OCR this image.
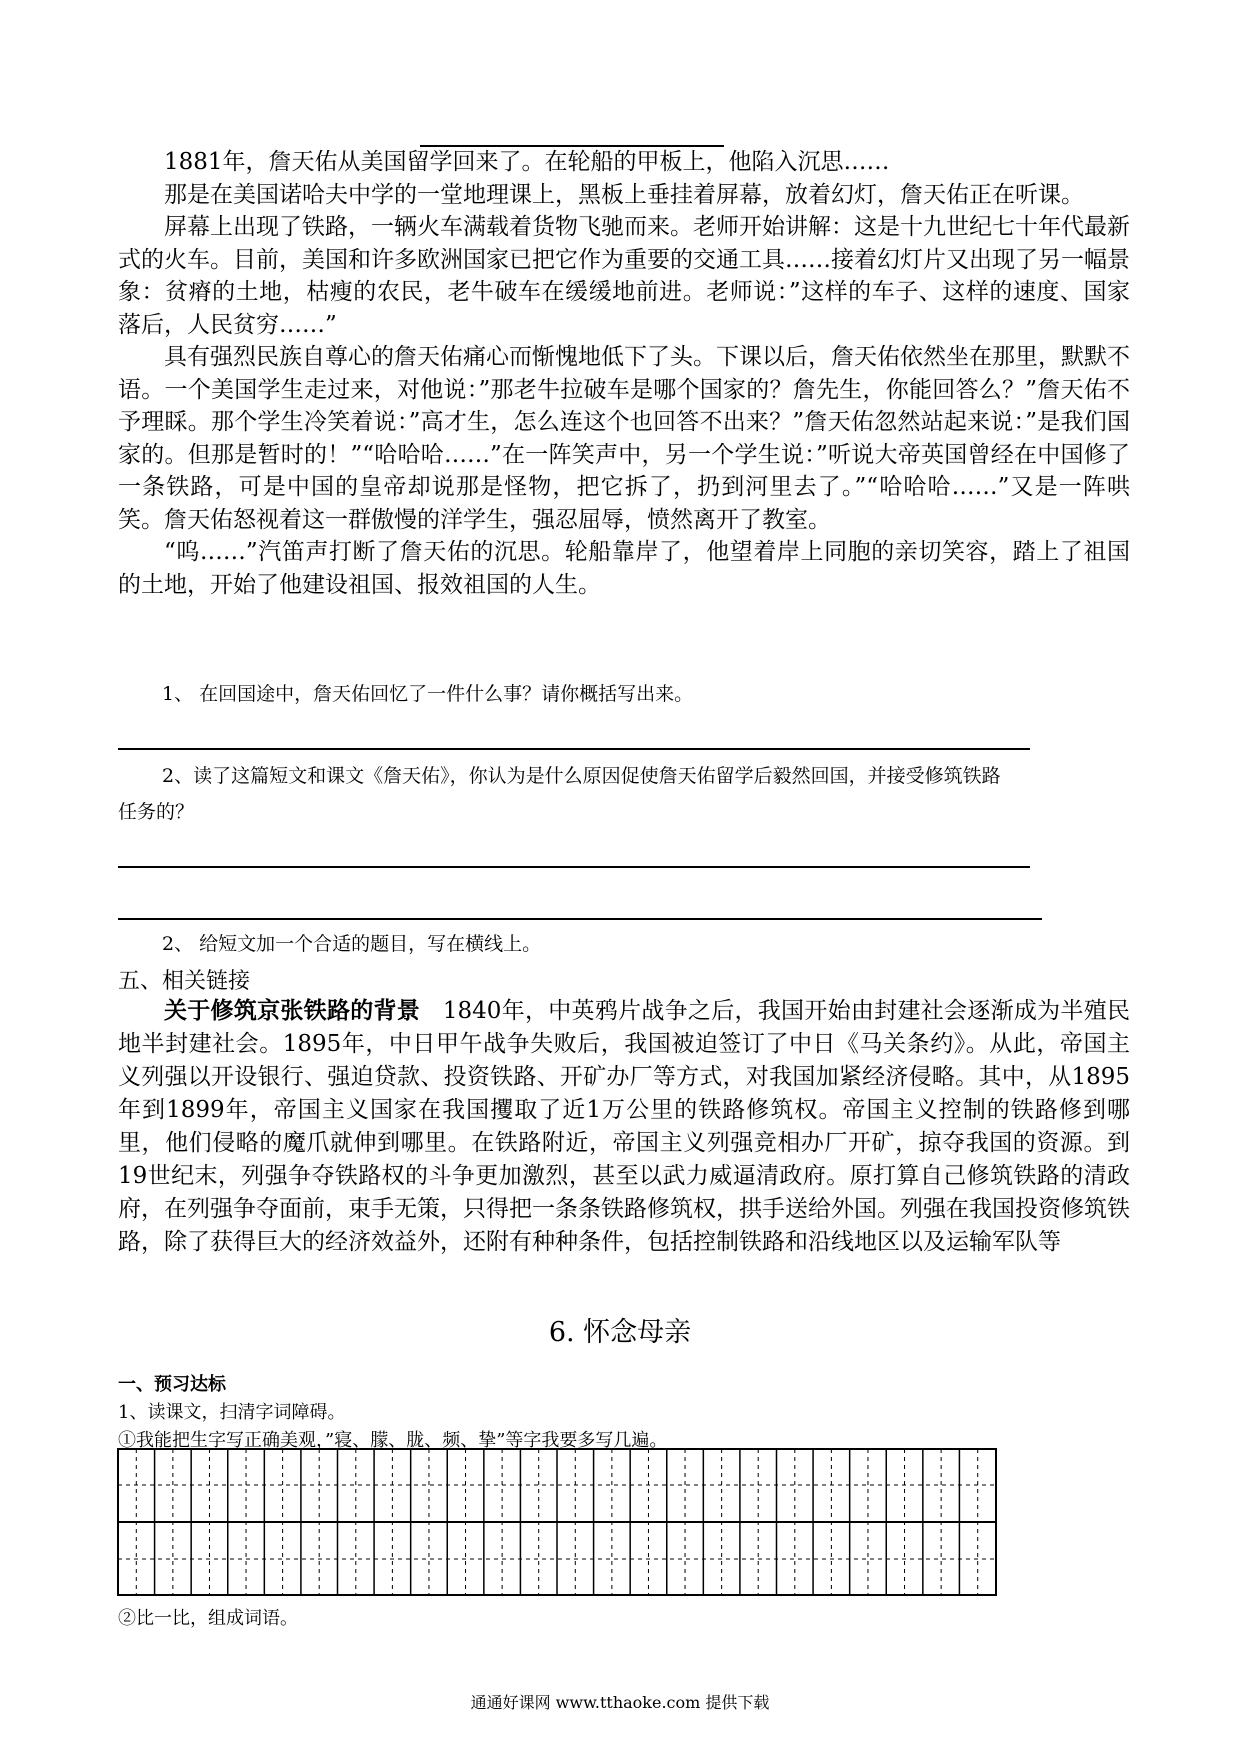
1881年，詹天佑从美国留学回来了。在轮船的甲板上，他陷入沉思……

那是在美国诺哈夫中学的一堂地理课上，黑板上垂挂着屏幕，放着幻灯，詹天佑正在听课。

屏幕上出现了铁路，一辆火车满载着货物飞驰而来。老师开始讲解：这是十九世纪七十年代最新式的火车。目前，美国和许多欧洲国家已把它作为重要的交通工具……接着幻灯片又出现了另一幅景象：贫瘠的土地，枯瘦的农民，老牛破车在缓缓地前进。老师说：”这样的车子、这样的速度、国家落后，人民贫穷……”

具有强烈民族自尊心的詹天佑痛心而惭愧地低下了头。下课以后，詹天佑依然坐在那里，默默不语。一个美国学生走过来，对他说：”那老牛拉破车是哪个国家的？詹先生，你能回答么？”詹天佑不予理睬。那个学生冷笑着说：”高才生，怎么连这个也回答不出来？”詹天佑忽然站起来说：”是我们国家的。但那是暂时的！”“哈哈哈……”在一阵笑声中，另一个学生说：”听说大帝英国曾经在中国修了一条铁路，可是中国的皇帝却说那是怪物，把它拆了，扔到河里去了。”“哈哈哈……”又是一阵哄笑。詹天佑怒视着这一群傲慢的洋学生，强忍屈辱，愤然离开了教室。

“呜……”汽笛声打断了詹天佑的沉思。轮船靠岸了，他望着岸上同胞的亲切笑容，踏上了祖国的土地，开始了他建设祖国、报效祖国的人生。

1、 在回国途中，詹天佑回忆了一件什么事？请你概括写出来。
2、读了这篇短文和课文《詹天佑》，你认为是什么原因促使詹天佑留学后毅然回国，并接受修筑铁路
任务的？
2、 给短文加一个合适的题目，写在横线上。
五、相关链接

关于修筑京张铁路的背景 1840年，中英鸦片战争之后，我国开始由封建社会逐渐成为半殖民地半封建社会。1895年，中日甲午战争失败后，我国被迫签订了中日《马关条约》。从此，帝国主义列强以开设银行、强迫贷款、投资铁路、开矿办厂等方式，对我国加紧经济侵略。其中，从1895年到1899年，帝国主义国家在我国攫取了近1万公里的铁路修筑权。帝国主义控制的铁路修到哪里，他们侵略的魔爪就伸到哪里。在铁路附近，帝国主义列强竞相办厂开矿，掠夺我国的资源。到19世纪末，列强争夺铁路权的斗争更加激烈，甚至以武力威逼清政府。原打算自己修筑铁路的清政府，在列强争夺面前，束手无策，只得把一条条铁路修筑权，拱手送给外国。列强在我国投资修筑铁路，除了获得巨大的经济效益外，还附有种种条件，包括控制铁路和沿线地区以及运输军队等

6. 怀念母亲
一、预习达标
1、读课文，扫清字词障碍。
①我能把生字写正确美观，”寝、朦、胧、频、挚”等字我要多写几遍。
②比一比，组成词语。
通通好课网 www.tthaoke.com 提供下载
